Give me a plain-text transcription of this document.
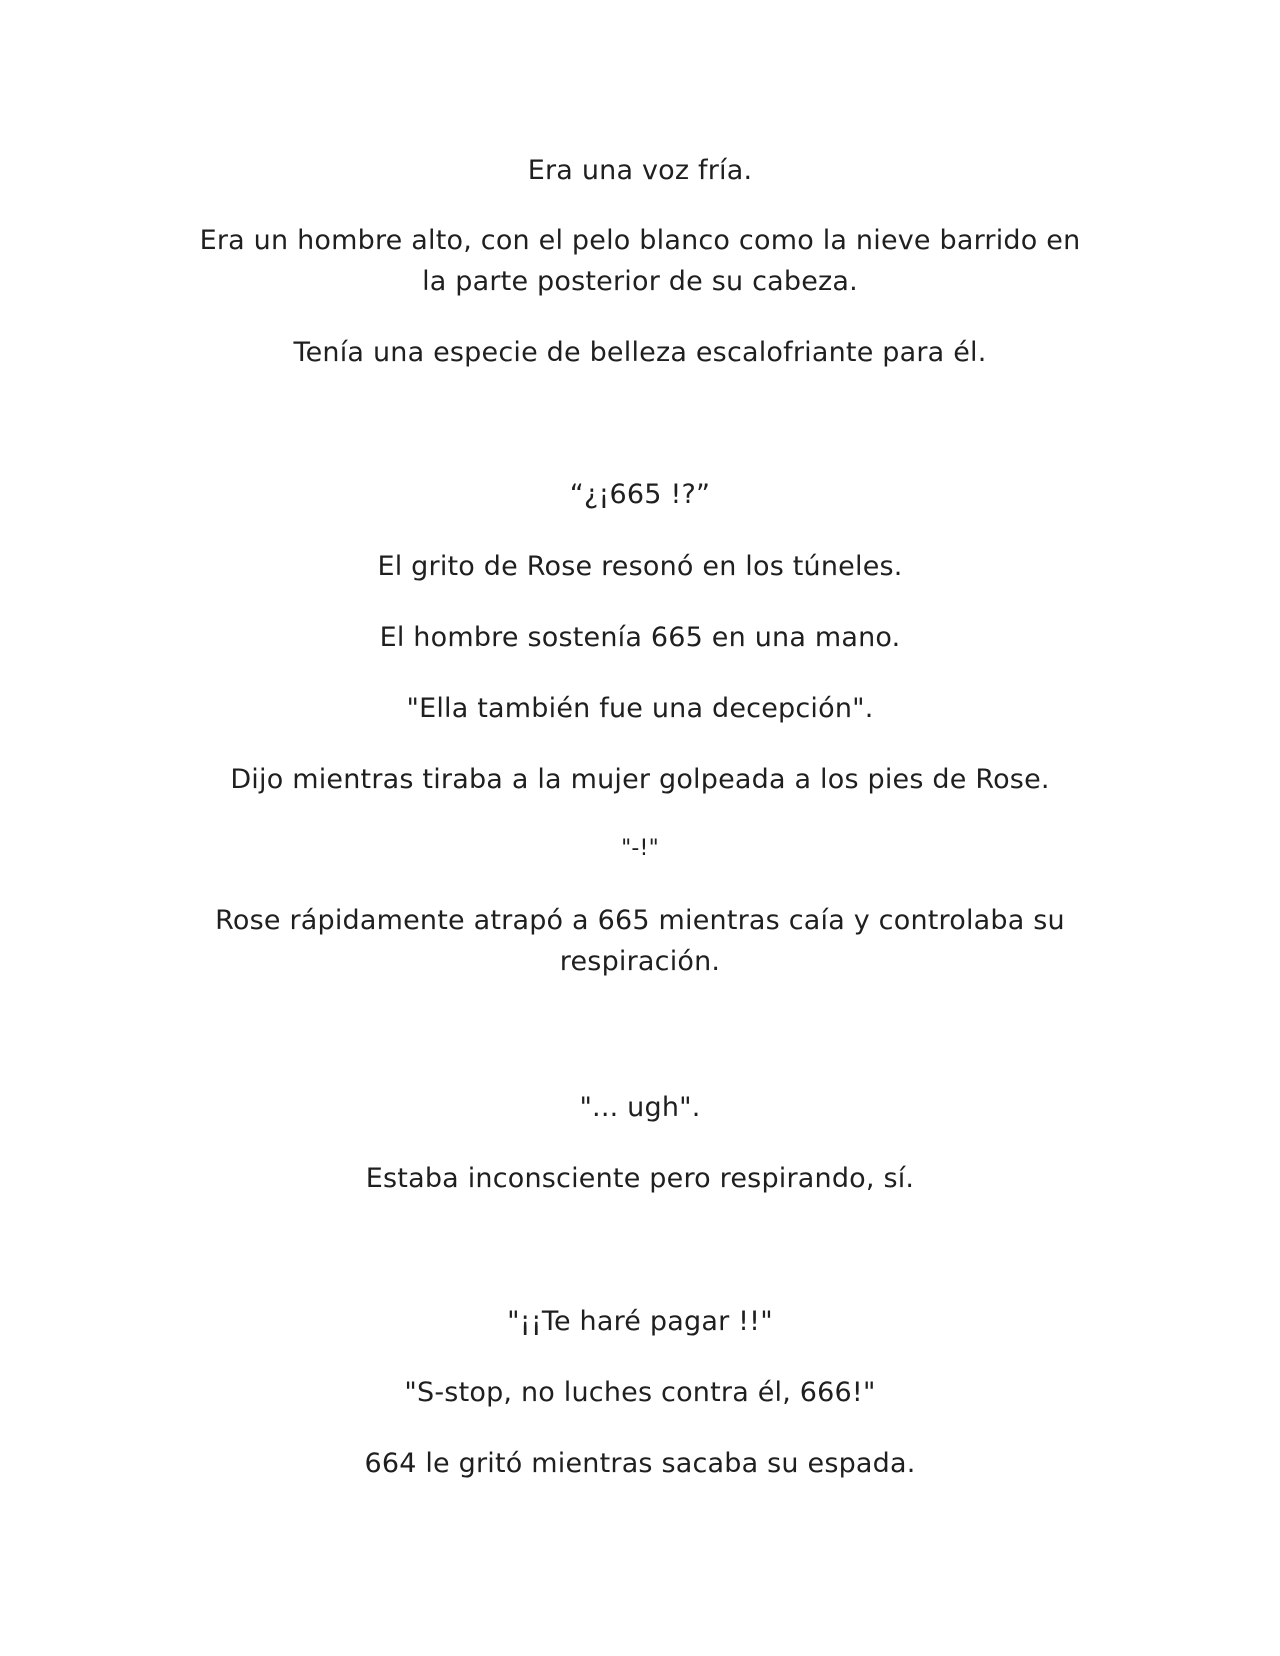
Era una voz fría.

Era un hombre alto, con el pelo blanco como la nieve barrido en la parte posterior de su cabeza.

Tenía una especie de belleza escalofriante para él.

“¿¡665 !?”

El grito de Rose resonó en los túneles.

El hombre sostenía 665 en una mano.

"Ella también fue una decepción".

Dijo mientras tiraba a la mujer golpeada a los pies de Rose.

"-!"

Rose rápidamente atrapó a 665 mientras caía y controlaba su respiración.

"... ugh".

Estaba inconsciente pero respirando, sí.

"¡¡Te haré pagar !!"

"S-stop, no luches contra él, 666!"

664 le gritó mientras sacaba su espada.
